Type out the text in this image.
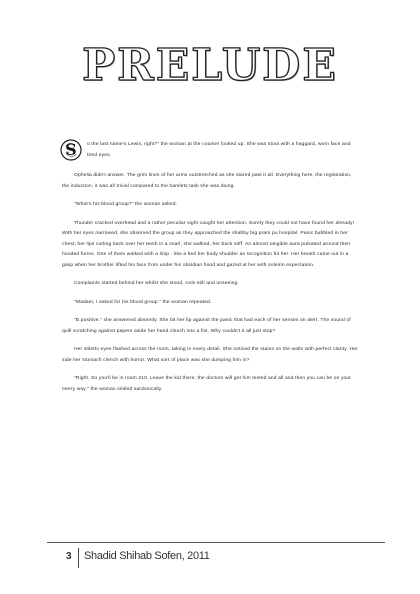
PRELUDE

S o the last name's Lewis, right?" the woman at the counter looked up. She was stout with a haggard, worn face and tired eyes.

Ophelia didn't answer. The grim lines of her arms outstretched as she stared past it all. Everything here, the registration, the induction, it was all trivial compared to the hamlets task she was doing.

"What's his blood group?" the woman asked.

Thunder cracked overhead and a rather peculiar sight caught her attention. Surely they could not have found her already! With her eyes narrowed, she observed the group as they approached the shabby big pram pu hospital. Panic bubbled in her chest; her lips curling back over her teeth in a snarl, she walked, her back stiff. An almost tangible aura pulsated around their hooded forms. One of them walked with a limp - like a ked her body shudder as recognition hit her. Her breath came out in a gasp when her brother lifted his face from under his obsidian hood and gazed at her with solemn expectation.

Complaints started behind her whilst she stood, rock-still and unseeing.

"Madam, I asked for his blood group." the woman repeated.

"B positive." she answered absently. She bit her lip against the panic that had each of her senses on alert. The sound of quill scratching against papers aside her hand clench into a fist. Why couldn't it all just stop?

Her stiletto eyes flashed across the room, taking in every detail. She noticed the stains on the walls with perfect clarity. Her side her stomach clench with horror. What sort of place was she dumping him in?

"Right. So you'll be in room 210. Leave the kid there; the doctors will get him tested and all and then you can be on your merry way." the woman smiled sardonically.

3 Shadid Shihab Sofen, 2011
